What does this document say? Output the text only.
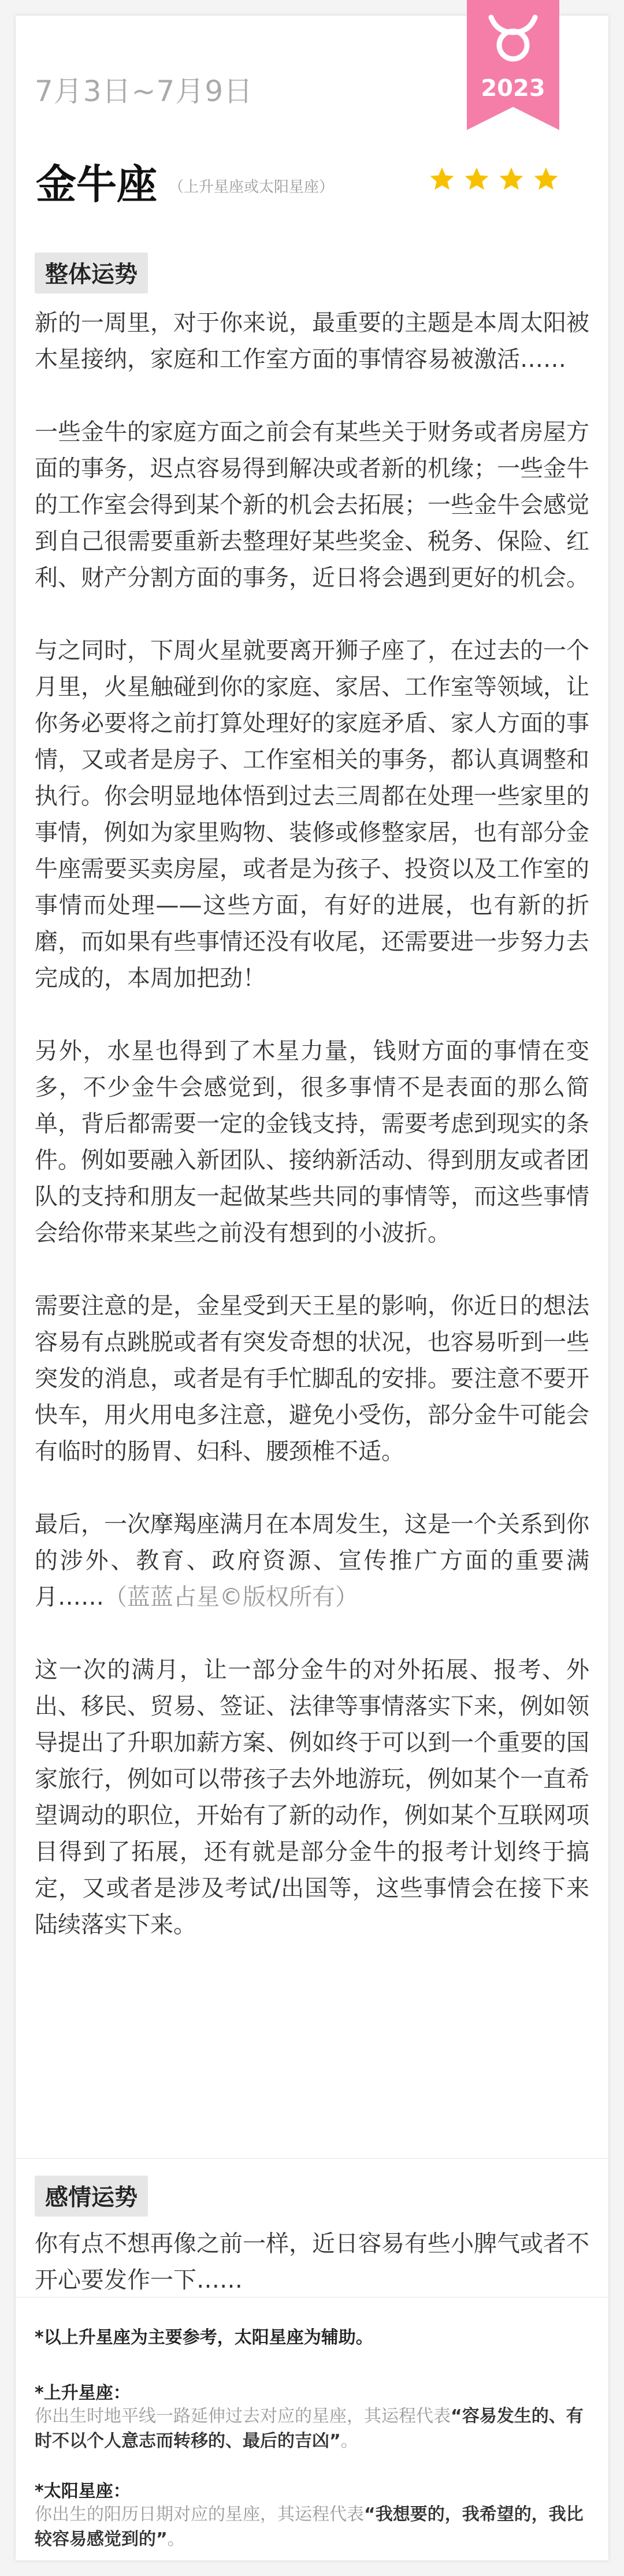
7月3日~7月9日	2023
金牛座 （上升星座或太阳星座）
整体运势

新的一周里，对于你来说，最重要的主题是本周太阳被木星接纳，家庭和工作室方面的事情容易被激活……

一些金牛的家庭方面之前会有某些关于财务或者房屋方面的事务，迟点容易得到解决或者新的机缘；一些金牛的工作室会得到某个新的机会去拓展；一些金牛会感觉到自己很需要重新去整理好某些奖金、税务、保险、红利、财产分割方面的事务，近日将会遇到更好的机会。

与之同时，下周火星就要离开狮子座了，在过去的一个月里，火星触碰到你的家庭、家居、工作室等领域，让你务必要将之前打算处理好的家庭矛盾、家人方面的事情，又或者是房子、工作室相关的事务，都认真调整和执行。你会明显地体悟到过去三周都在处理一些家里的事情，例如为家里购物、装修或修整家居，也有部分金牛座需要买卖房屋，或者是为孩子、投资以及工作室的事情而处理——这些方面，有好的进展，也有新的折磨，而如果有些事情还没有收尾，还需要进一步努力去完成的，本周加把劲！

另外，水星也得到了木星力量，钱财方面的事情在变多，不少金牛会感觉到，很多事情不是表面的那么简单，背后都需要一定的金钱支持，需要考虑到现实的条件。例如要融入新团队、接纳新活动、得到朋友或者团队的支持和朋友一起做某些共同的事情等，而这些事情会给你带来某些之前没有想到的小波折。

需要注意的是，金星受到天王星的影响，你近日的想法容易有点跳脱或者有突发奇想的状况，也容易听到一些突发的消息，或者是有手忙脚乱的安排。要注意不要开快车，用火用电多注意，避免小受伤，部分金牛可能会有临时的肠胃、妇科、腰颈椎不适。

最后，一次摩羯座满月在本周发生，这是一个关系到你的涉外、教育、政府资源、宣传推广方面的重要满月……（蓝蓝占星©版权所有）

这一次的满月，让一部分金牛的对外拓展、报考、外出、移民、贸易、签证、法律等事情落实下来，例如领导提出了升职加薪方案、例如终于可以到一个重要的国家旅行，例如可以带孩子去外地游玩，例如某个一直希望调动的职位，开始有了新的动作，例如某个互联网项目得到了拓展，还有就是部分金牛的报考计划终于搞定，又或者是涉及考试/出国等，这些事情会在接下来陆续落实下来。

感情运势

你有点不想再像之前一样，近日容易有些小脾气或者不开心要发作一下……

*以上升星座为主要参考，太阳星座为辅助。

*上升星座：

你出生时地平线一路延伸过去对应的星座，其运程代表“容易发生的、有时不以个人意志而转移的、最后的吉凶”。

*太阳星座：

你出生的阳历日期对应的星座，其运程代表“我想要的，我希望的，我比较容易感觉到的”。
